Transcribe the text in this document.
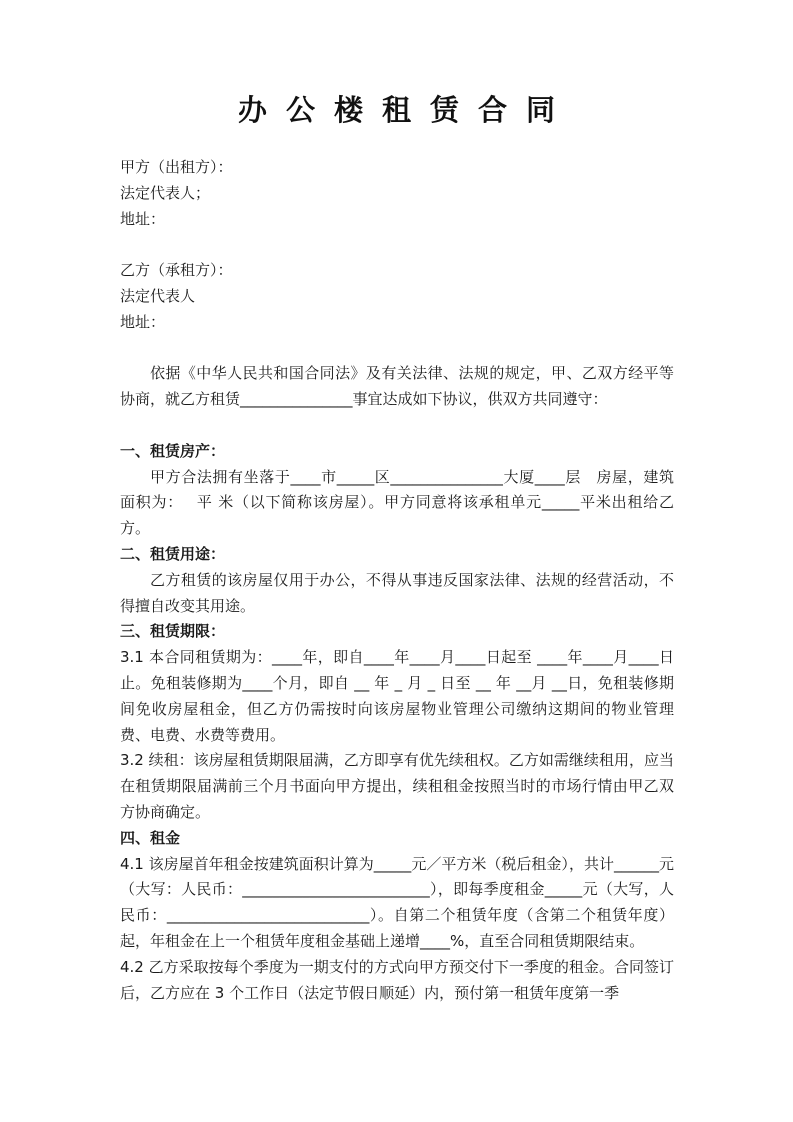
办公楼租赁合同
甲方（出租方）：
法定代表人；
地址：
乙方（承租方）：
法定代表人
地址：

依据《中华人民共和国合同法》及有关法律、法规的规定，甲、乙双方经平等协商，就乙方租赁_______________事宜达成如下协议，供双方共同遵守：

一、租赁房产：

甲方合法拥有坐落于____市_____区_______________大厦____层　房屋，建筑面积为：　 平 米（以下简称该房屋）。甲方同意将该承租单元_____平米出租给乙方。

二、租赁用途：

乙方租赁的该房屋仅用于办公，不得从事违反国家法律、法规的经营活动，不得擅自改变其用途。

三、租赁期限：

3.1 本合同租赁期为：____年，即自____年____月____日起至 ____年____月____日止。免租装修期为____个月，即自 __ 年 _ 月 _ 日至 __ 年 __月 __日，免租装修期间免收房屋租金，但乙方仍需按时向该房屋物业管理公司缴纳这期间的物业管理费、电费、水费等费用。

3.2 续租：该房屋租赁期限届满，乙方即享有优先续租权。乙方如需继续租用，应当在租赁期限届满前三个月书面向甲方提出，续租租金按照当时的市场行情由甲乙双方协商确定。

四、租金

4.1 该房屋首年租金按建筑面积计算为_____元／平方米（税后租金），共计______元（大写：人民币：_________________________），即每季度租金_____元（大写，人民币：___________________________）。自第二个租赁年度（含第二个租赁年度）起，年租金在上一个租赁年度租金基础上递增____%，直至合同租赁期限结束。

4.2 乙方采取按每个季度为一期支付的方式向甲方预交付下一季度的租金。合同签订后，乙方应在 3 个工作日（法定节假日顺延）内，预付第一租赁年度第一季
